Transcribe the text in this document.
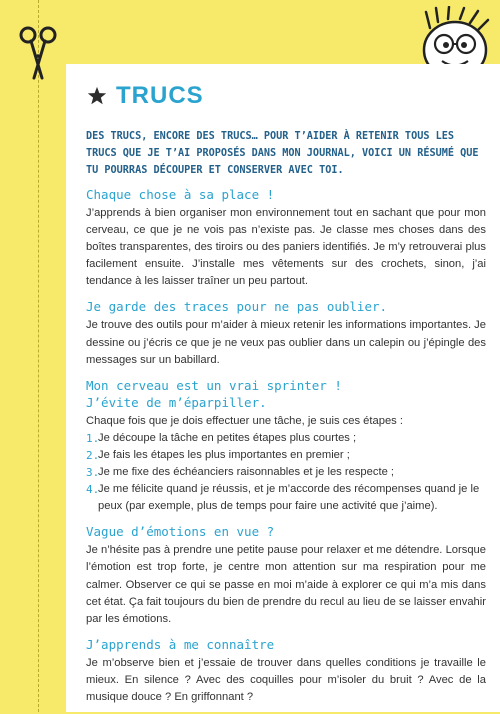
TRUCS
DES TRUCS, ENCORE DES TRUCS… POUR T’AIDER À RETENIR TOUS LES TRUCS QUE JE T’AI PROPOSÉS DANS MON JOURNAL, VOICI UN RÉSUMÉ QUE TU POURRAS DÉCOUPER ET CONSERVER AVEC TOI.
Chaque chose à sa place !

J’apprends à bien organiser mon environnement tout en sachant que pour mon cerveau, ce que je ne vois pas n’existe pas. Je classe mes choses dans des boîtes transparentes, des tiroirs ou des paniers identifiés. Je m’y retrouverai plus facilement ensuite. J’installe mes vêtements sur des crochets, sinon, j’ai tendance à les laisser traîner un peu partout.

Je garde des traces pour ne pas oublier.

Je trouve des outils pour m’aider à mieux retenir les informations importantes. Je dessine ou j’écris ce que je ne veux pas oublier dans un calepin ou j’épingle des messages sur un babillard.

Mon cerveau est un vrai sprinter !
J’évite de m’éparpiller.

Chaque fois que je dois effectuer une tâche, je suis ces étapes :

1.
Je découpe la tâche en petites étapes plus courtes ;
2.
Je fais les étapes les plus importantes en premier ;
3.
Je me fixe des échéanciers raisonnables et je les respecte ;
4.
Je me félicite quand je réussis, et je m’accorde des récompenses quand je le peux (par exemple, plus de temps pour faire une activité que j’aime).
Vague d’émotions en vue ?

Je n’hésite pas à prendre une petite pause pour relaxer et me détendre. Lorsque l’émotion est trop forte, je centre mon attention sur ma respiration pour me calmer. Observer ce qui se passe en moi m’aide à explorer ce qui m’a mis dans cet état. Ça fait toujours du bien de prendre du recul au lieu de se laisser envahir par les émotions.

J’apprends à me connaître

Je m’observe bien et j’essaie de trouver dans quelles conditions je travaille le mieux. En silence ? Avec des coquilles pour m’isoler du bruit ? Avec de la musique douce ? En griffonnant ?
